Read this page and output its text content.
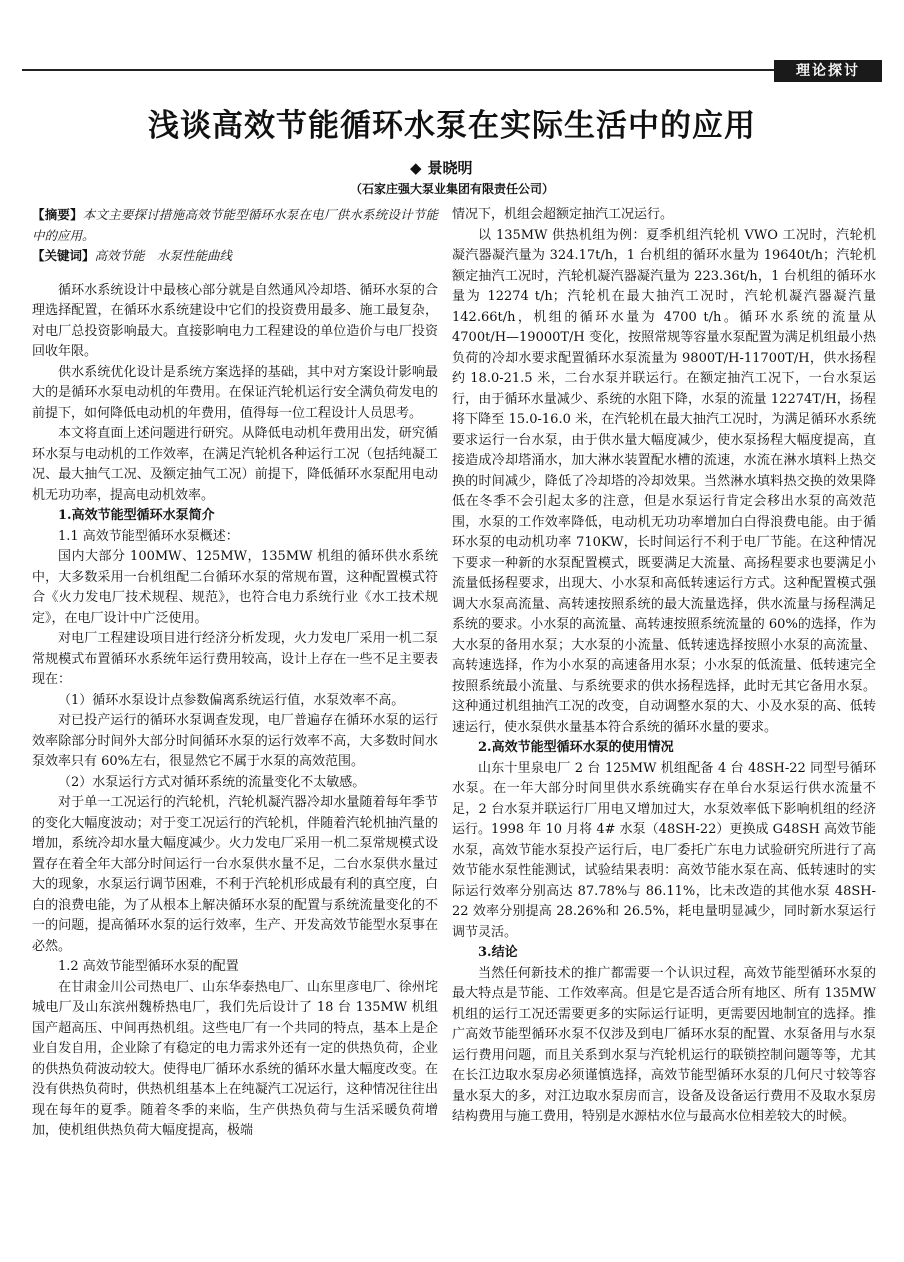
理论探讨
浅谈高效节能循环水泵在实际生活中的应用
◆ 景晓明
（石家庄强大泵业集团有限责任公司）

【摘要】本文主要探讨措施高效节能型循环水泵在电厂供水系统设计节能中的应用。

【关键词】高效节能　水泵性能曲线

循环水系统设计中最核心部分就是自然通风冷却塔、循环水泵的合理选择配置，在循环水系统建设中它们的投资费用最多、施工最复杂，对电厂总投资影响最大。直接影响电力工程建设的单位造价与电厂投资回收年限。

供水系统优化设计是系统方案选择的基础，其中对方案设计影响最大的是循环水泵电动机的年费用。在保证汽轮机运行安全满负荷发电的前提下，如何降低电动机的年费用，值得每一位工程设计人员思考。

本文将直面上述问题进行研究。从降低电动机年费用出发，研究循环水泵与电动机的工作效率，在满足汽轮机各种运行工况（包括纯凝工况、最大抽气工况、及额定抽气工况）前提下，降低循环水泵配用电动机无功功率，提高电动机效率。

1.高效节能型循环水泵简介

1.1 高效节能型循环水泵概述：

国内大部分 100MW、125MW，135MW 机组的循环供水系统中，大多数采用一台机组配二台循环水泵的常规布置，这种配置模式符合《火力发电厂技术规程、规范》，也符合电力系统行业《水工技术规定》，在电厂设计中广泛使用。

对电厂工程建设项目进行经济分析发现，火力发电厂采用一机二泵常规模式布置循环水系统年运行费用较高，设计上存在一些不足主要表现在：

（1）循环水泵设计点参数偏离系统运行值，水泵效率不高。

对已投产运行的循环水泵调查发现，电厂普遍存在循环水泵的运行效率除部分时间外大部分时间循环水泵的运行效率不高，大多数时间水泵效率只有 60%左右，很显然它不属于水泵的高效范围。

（2）水泵运行方式对循环系统的流量变化不太敏感。

对于单一工况运行的汽轮机，汽轮机凝汽器冷却水量随着每年季节的变化大幅度波动；对于变工况运行的汽轮机，伴随着汽轮机抽汽量的增加，系统冷却水量大幅度减少。火力发电厂采用一机二泵常规模式设置存在着全年大部分时间运行一台水泵供水量不足，二台水泵供水量过大的现象，水泵运行调节困难，不利于汽轮机形成最有利的真空度，白白的浪费电能，为了从根本上解决循环水泵的配置与系统流量变化的不一的问题，提高循环水泵的运行效率，生产、开发高效节能型水泵事在必然。

1.2 高效节能型循环水泵的配置

在甘肃金川公司热电厂、山东华泰热电厂、山东里彦电厂、徐州垞城电厂及山东滨州魏桥热电厂，我们先后设计了 18 台 135MW 机组国产超高压、中间再热机组。这些电厂有一个共同的特点，基本上是企业自发自用，企业除了有稳定的电力需求外还有一定的供热负荷，企业的供热负荷波动较大。使得电厂循环水系统的循环水量大幅度改变。在没有供热负荷时，供热机组基本上在纯凝汽工况运行，这种情况往往出现在每年的夏季。随着冬季的来临，生产供热负荷与生活采暖负荷增加，使机组供热负荷大幅度提高，极端

情况下，机组会超额定抽汽工况运行。

以 135MW 供热机组为例：夏季机组汽轮机 VWO 工况时，汽轮机凝汽器凝汽量为 324.17t/h，1 台机组的循环水量为 19640t/h；汽轮机额定抽汽工况时，汽轮机凝汽器凝汽量为 223.36t/h，1 台机组的循环水量为 12274 t/h；汽轮机在最大抽汽工况时，汽轮机凝汽器凝汽量 142.66t/h，机组的循环水量为 4700 t/h。循环水系统的流量从 4700t/H—19000T/H 变化，按照常规等容量水泵配置为满足机组最小热负荷的冷却水要求配置循环水泵流量为 9800T/H-11700T/H，供水扬程约 18.0-21.5 米，二台水泵并联运行。在额定抽汽工况下，一台水泵运行，由于循环水量减少、系统的水阻下降，水泵的流量 12274T/H，扬程将下降至 15.0-16.0 米，在汽轮机在最大抽汽工况时，为满足循环水系统要求运行一台水泵，由于供水量大幅度减少，使水泵扬程大幅度提高，直接造成冷却塔涌水，加大淋水装置配水槽的流速，水流在淋水填料上热交换的时间减少，降低了冷却塔的冷却效果。当然淋水填料热交换的效果降低在冬季不会引起太多的注意，但是水泵运行肯定会移出水泵的高效范围，水泵的工作效率降低，电动机无功功率增加白白得浪费电能。由于循环水泵的电动机功率 710KW，长时间运行不利于电厂节能。在这种情况下要求一种新的水泵配置模式，既要满足大流量、高扬程要求也要满足小流量低扬程要求，出现大、小水泵和高低转速运行方式。这种配置模式强调大水泵高流量、高转速按照系统的最大流量选择，供水流量与扬程满足系统的要求。小水泵的高流量、高转速按照系统流量的 60%的选择，作为大水泵的备用水泵；大水泵的小流量、低转速选择按照小水泵的高流量、高转速选择，作为小水泵的高速备用水泵；小水泵的低流量、低转速完全按照系统最小流量、与系统要求的供水扬程选择，此时无其它备用水泵。这种通过机组抽汽工况的改变，自动调整水泵的大、小及水泵的高、低转速运行，使水泵供水量基本符合系统的循环水量的要求。

2.高效节能型循环水泵的使用情况

山东十里泉电厂 2 台 125MW 机组配备 4 台 48SH-22 同型号循环水泵。在一年大部分时间里供水系统确实存在单台水泵运行供水流量不足，2 台水泵并联运行厂用电又增加过大，水泵效率低下影响机组的经济运行。1998 年 10 月将 4# 水泵（48SH-22）更换成 G48SH 高效节能水泵，高效节能水泵投产运行后，电厂委托广东电力试验研究所进行了高效节能水泵性能测试，试验结果表明：高效节能水泵在高、低转速时的实际运行效率分别高达 87.78%与 86.11%，比未改造的其他水泵 48SH-22 效率分别提高 28.26%和 26.5%，耗电量明显减少，同时新水泵运行调节灵活。

3.结论

当然任何新技术的推广都需要一个认识过程，高效节能型循环水泵的最大特点是节能、工作效率高。但是它是否适合所有地区、所有 135MW 机组的运行工况还需要更多的实际运行证明，更需要因地制宜的选择。推广高效节能型循环水泵不仅涉及到电厂循环水泵的配置、水泵备用与水泵运行费用问题，而且关系到水泵与汽轮机运行的联锁控制问题等等，尤其在长江边取水泵房必须谨慎选择，高效节能型循环水泵的几何尺寸较等容量水泵大的多，对江边取水泵房而言，设备及设备运行费用不及取水泵房结构费用与施工费用，特别是水源枯水位与最高水位相差较大的时候。
